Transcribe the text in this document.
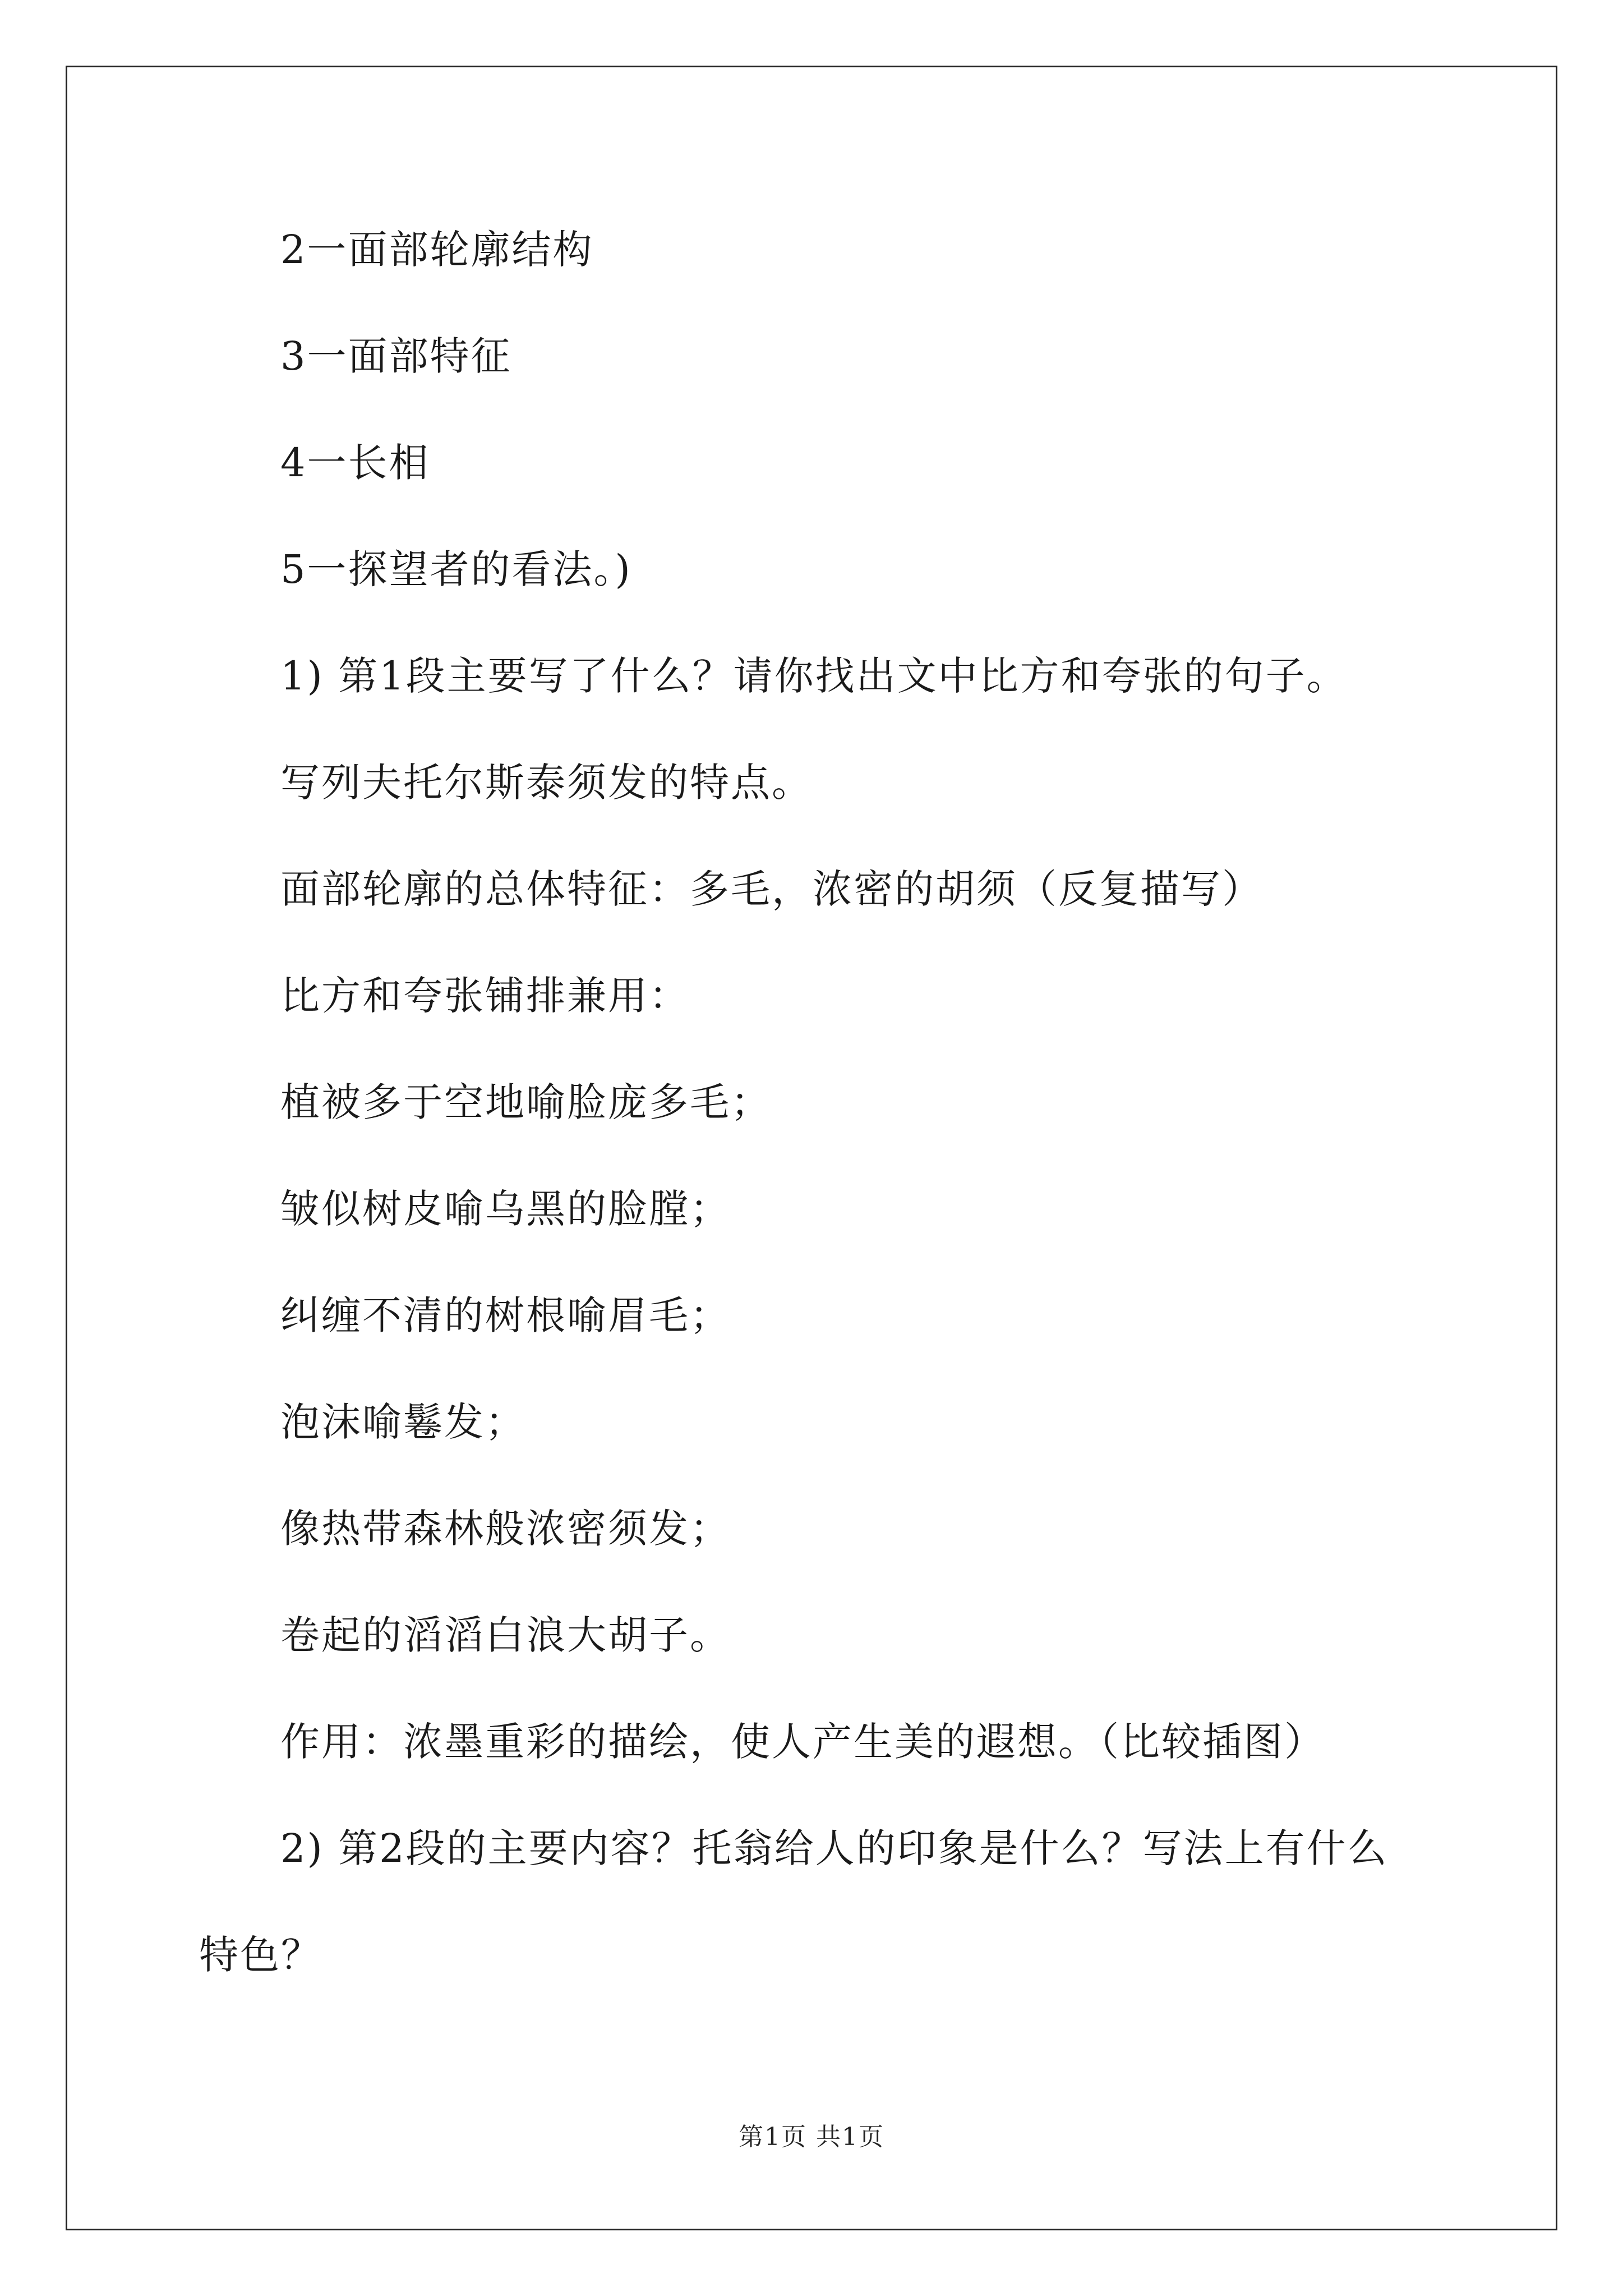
2一面部轮廓结构
3一面部特征
4一长相
5一探望者的看法。)
1) 第1段主要写了什么？请你找出文中比方和夸张的句子。
写列夫托尔斯泰须发的特点。
面部轮廓的总体特征：多毛，浓密的胡须（反复描写）
比方和夸张铺排兼用：
植被多于空地喻脸庞多毛；
皱似树皮喻乌黑的脸膛；
纠缠不清的树根喻眉毛；
泡沫喻鬈发；
像热带森林般浓密须发；
卷起的滔滔白浪大胡子。
作用：浓墨重彩的描绘，使人产生美的遐想。（比较插图）
2) 第2段的主要内容？托翁给人的印象是什么？写法上有什么
特色？
第1页 共1页
